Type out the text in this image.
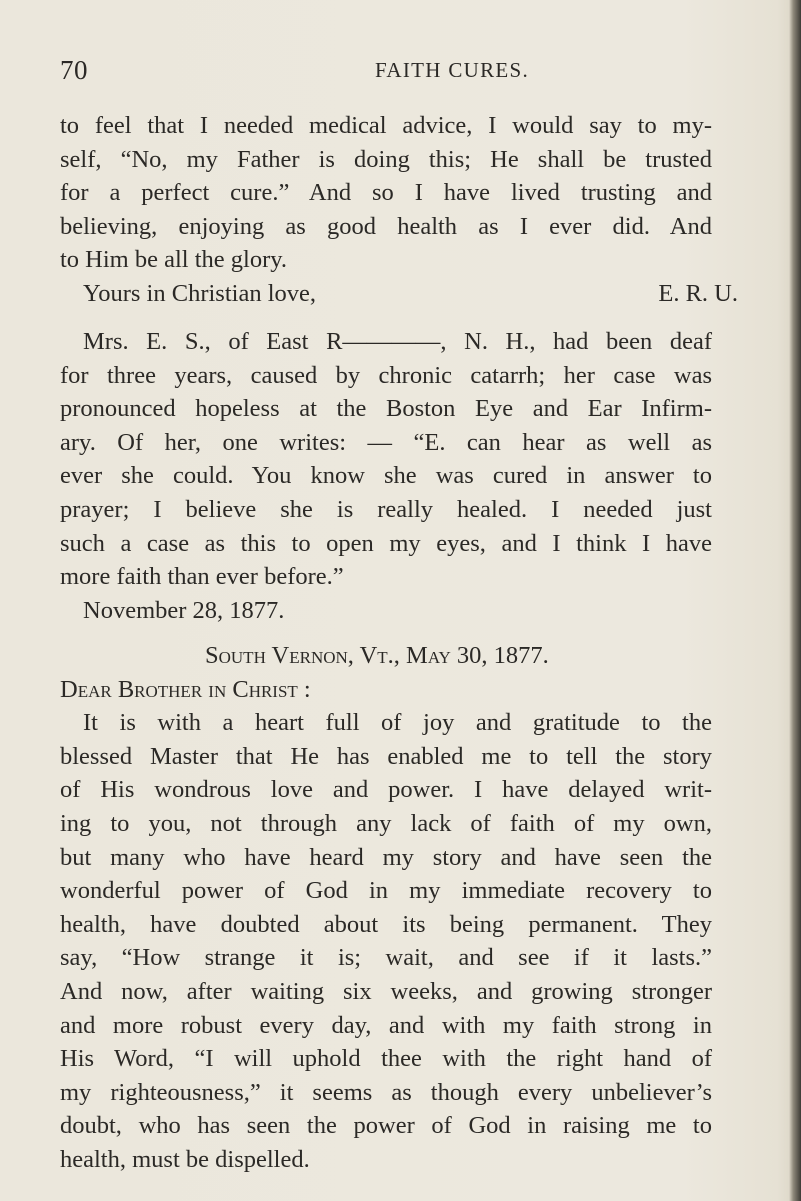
70	FAITH CURES.
to feel that I needed medical advice, I would say to my-
self, “No, my Father is doing this; He shall be trusted
for a perfect cure.” And so I have lived trusting and
believing, enjoying as good health as I ever did. And
to Him be all the glory.
Yours in Christian love,	E. R. U.
Mrs. E. S., of East R————, N. H., had been deaf
for three years, caused by chronic catarrh; her case was
pronounced hopeless at the Boston Eye and Ear Infirm-
ary. Of her, one writes: — “E. can hear as well as
ever she could. You know she was cured in answer to
prayer; I believe she is really healed. I needed just
such a case as this to open my eyes, and I think I have
more faith than ever before.”
November 28, 1877.
South Vernon, Vt., May 30, 1877.
Dear Brother in Christ :
It is with a heart full of joy and gratitude to the
blessed Master that He has enabled me to tell the story
of His wondrous love and power. I have delayed writ-
ing to you, not through any lack of faith of my own,
but many who have heard my story and have seen the
wonderful power of God in my immediate recovery to
health, have doubted about its being permanent. They
say, “How strange it is; wait, and see if it lasts.”
And now, after waiting six weeks, and growing stronger
and more robust every day, and with my faith strong in
His Word, “I will uphold thee with the right hand of
my righteousness,” it seems as though every unbeliever’s
doubt, who has seen the power of God in raising me to
health, must be dispelled.
